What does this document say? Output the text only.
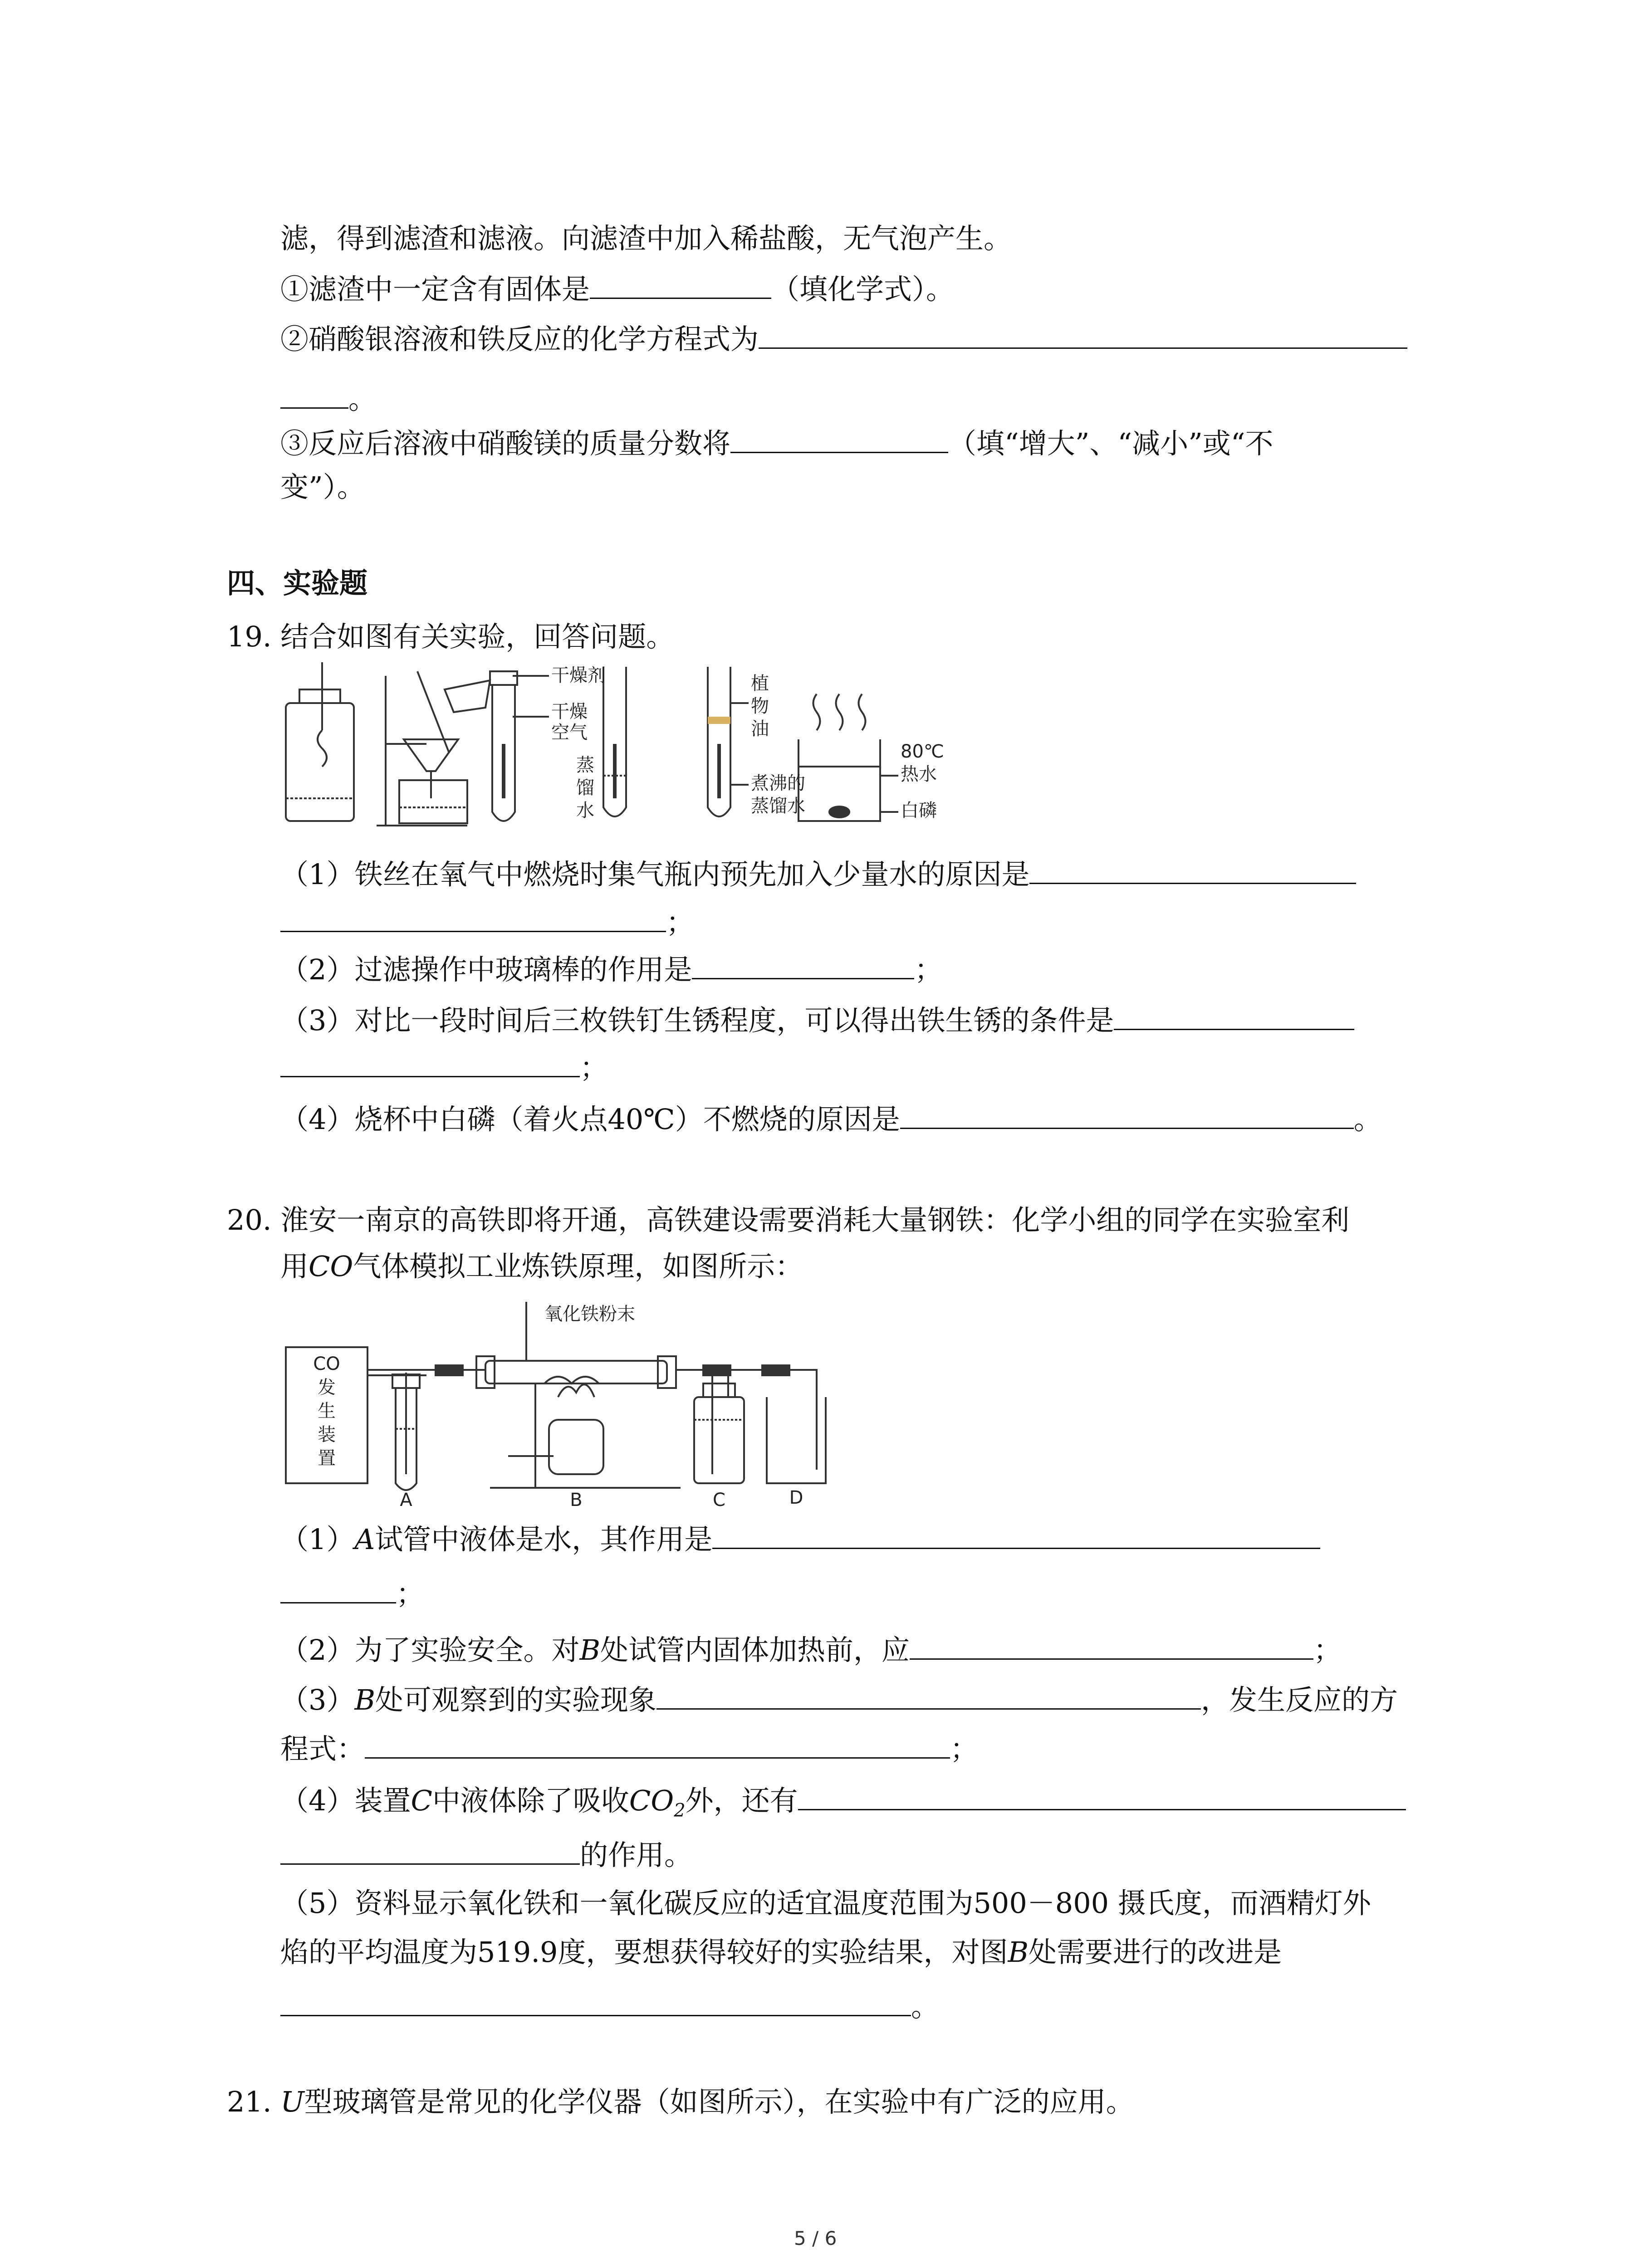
滤，得到滤渣和滤液。向滤渣中加入稀盐酸，无气泡产生。
①滤渣中一定含有固体是	（填化学式）。
②硝酸银溶液和铁反应的化学方程式为
。
③反应后溶液中硝酸镁的质量分数将	（填“增大”、“减小”或“不
变”）。
四、实验题
19. 结合如图有关实验，回答问题。
干燥剂
干燥
空气
蒸
馏
水
植
物
油
煮沸的
蒸馏水
80℃
热水
白磷
（1）铁丝在氧气中燃烧时集气瓶内预先加入少量水的原因是
；
（2）过滤操作中玻璃棒的作用是	；
（3）对比一段时间后三枚铁钉生锈程度，可以得出铁生锈的条件是
；
（4）烧杯中白磷（着火点40℃）不燃烧的原因是	。
20. 淮安一南京的高铁即将开通，高铁建设需要消耗大量钢铁：化学小组的同学在实验室利
用CO气体模拟工业炼铁原理，如图所示：
CO
发
生
装
置
氧化铁粉末
A	B	C	D
（1）A试管中液体是水，其作用是
；
（2）为了实验安全。对B处试管内固体加热前，应	；
（3）B处可观察到的实验现象	，发生反应的方
程式：	；
（4）装置C中液体除了吸收$CO_2$外，还有
的作用。
（5）资料显示氧化铁和一氧化碳反应的适宜温度范围为500－800 摄氏度，而酒精灯外
焰的平均温度为519.9度，要想获得较好的实验结果，对图B处需要进行的改进是
。
21. U型玻璃管是常见的化学仪器（如图所示），在实验中有广泛的应用。
5 / 6
